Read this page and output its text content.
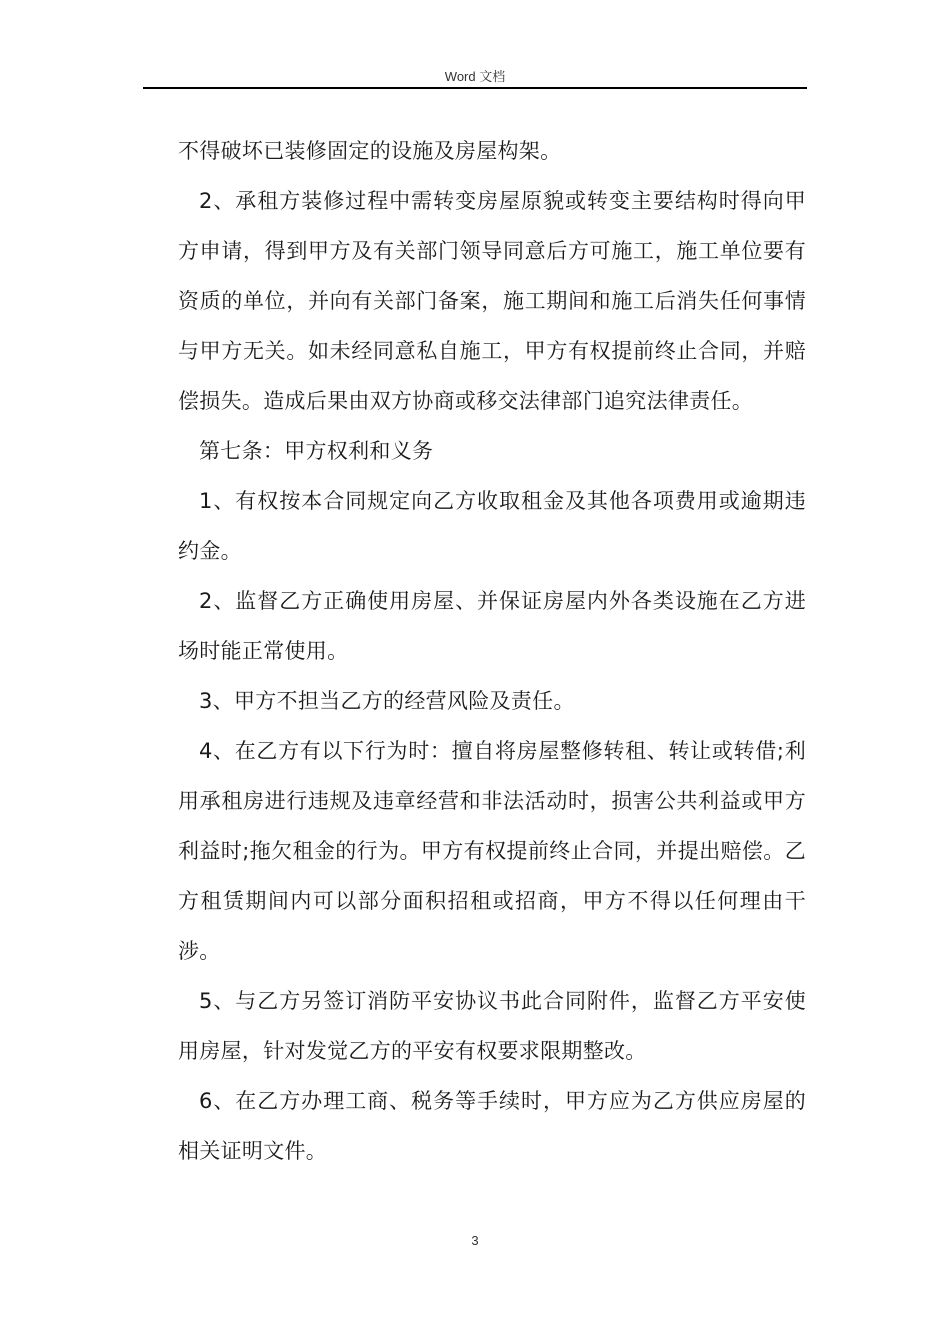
Word 文档

不得破坏已装修固定的设施及房屋构架。

2、承租方装修过程中需转变房屋原貌或转变主要结构时得向甲方申请，得到甲方及有关部门领导同意后方可施工，施工单位要有资质的单位，并向有关部门备案，施工期间和施工后消失任何事情与甲方无关。如未经同意私自施工，甲方有权提前终止合同，并赔偿损失。造成后果由双方协商或移交法律部门追究法律责任。

第七条：甲方权利和义务

1、有权按本合同规定向乙方收取租金及其他各项费用或逾期违约金。

2、监督乙方正确使用房屋、并保证房屋内外各类设施在乙方进场时能正常使用。

3、甲方不担当乙方的经营风险及责任。

4、在乙方有以下行为时：擅自将房屋整修转租、转让或转借;利用承租房进行违规及违章经营和非法活动时，损害公共利益或甲方利益时;拖欠租金的行为。甲方有权提前终止合同，并提出赔偿。乙方租赁期间内可以部分面积招租或招商，甲方不得以任何理由干涉。

5、与乙方另签订消防平安协议书此合同附件，监督乙方平安使用房屋，针对发觉乙方的平安有权要求限期整改。

6、在乙方办理工商、税务等手续时，甲方应为乙方供应房屋的相关证明文件。

3
